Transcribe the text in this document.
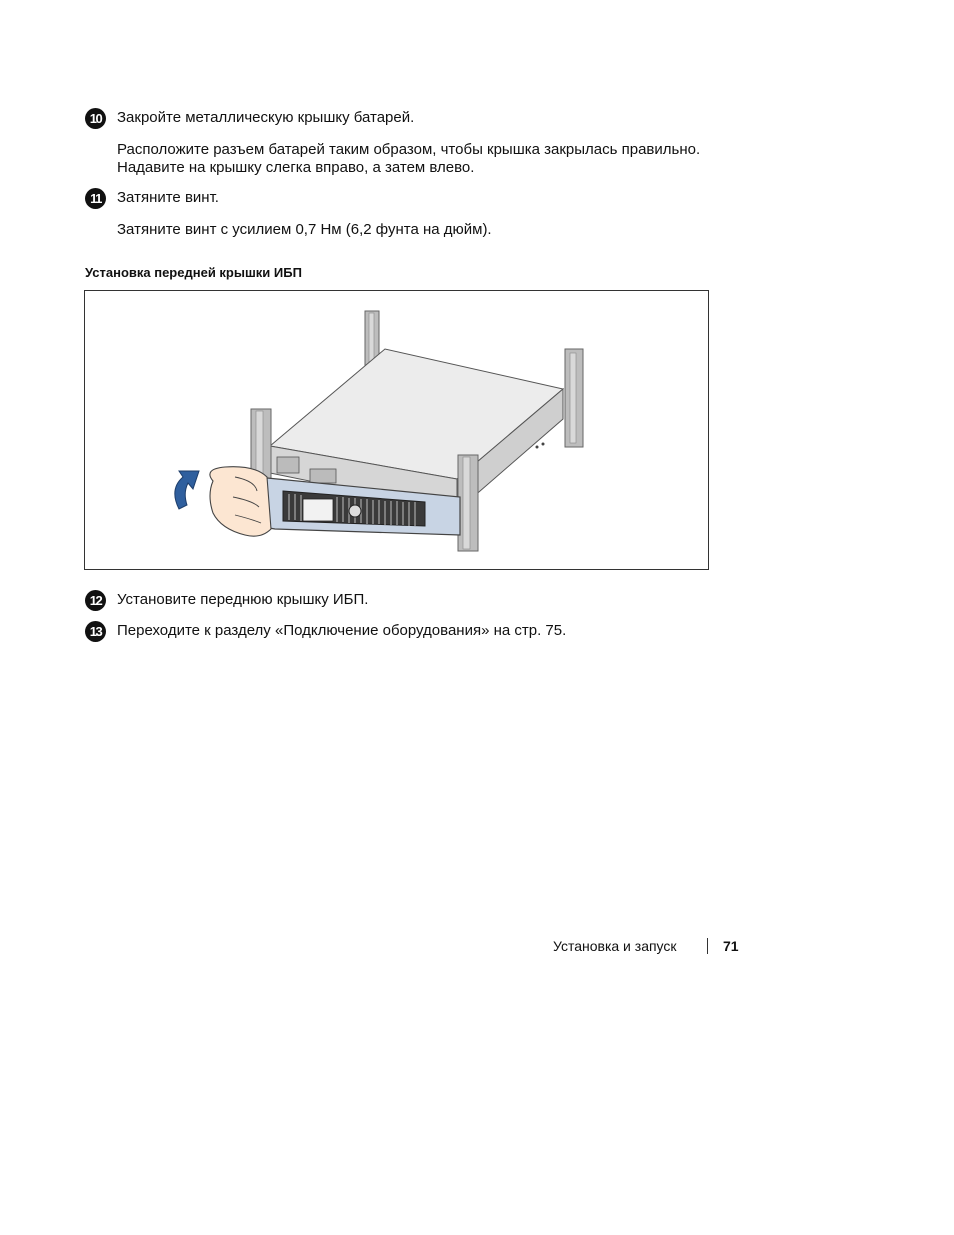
10	Закройте металлическую крышку батарей.
Расположите разъем батарей таким образом, чтобы крышка закрылась правильно.
Надавите на крышку слегка вправо, а затем влево.
11	Затяните винт.
Затяните винт с усилием 0,7 Нм (6,2 фунта на дюйм).
Установка передней крышки ИБП
12	Установите переднюю крышку ИБП.
13	Переходите к разделу «Подключение оборудования» на стр. 75.
Установка и запуск	71
